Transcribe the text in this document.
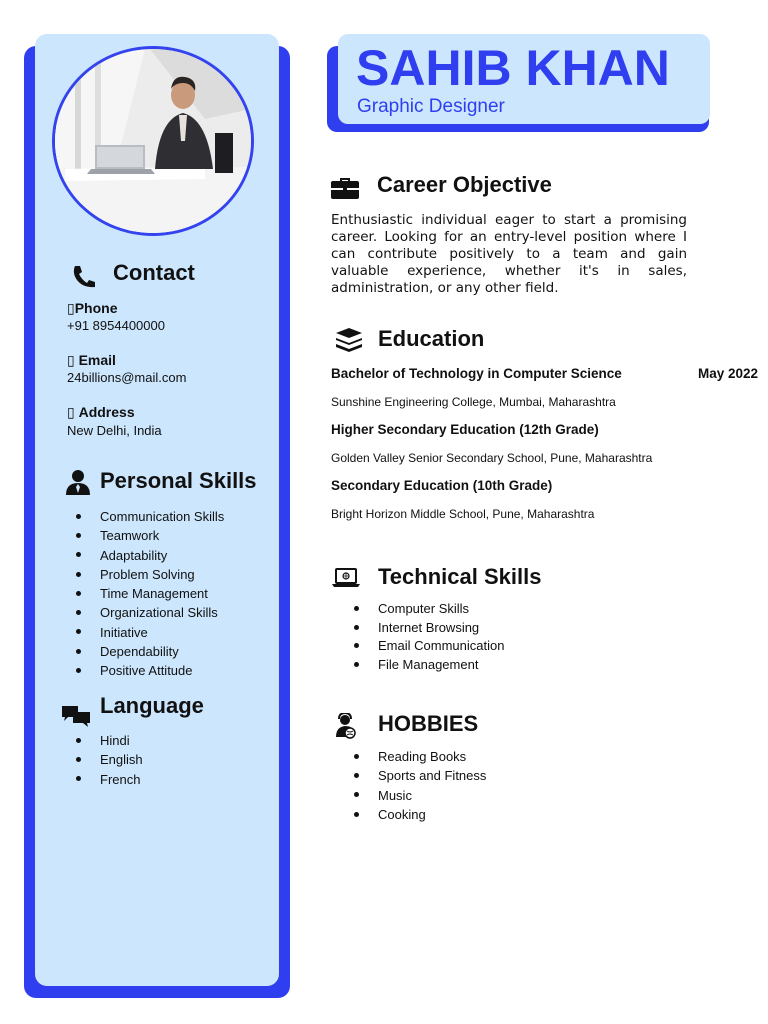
Contact
▯Phone
+91 8954400000
▯ Email
24billions@mail.com
▯ Address
New Delhi, India
Personal Skills
Communication Skills
Teamwork
Adaptability
Problem Solving
Time Management
Organizational Skills
Initiative
Dependability
Positive Attitude
Language
Hindi
English
French
SAHIB KHAN
Graphic Designer
Career Objective
Enthusiastic individual eager to start a promising career. Looking for an entry-level position where I can contribute positively to a team and gain valuable experience, whether it's in sales, administration, or any other field.
Education
Bachelor of Technology in Computer Science	May 2022
Sunshine Engineering College, Mumbai, Maharashtra
Higher Secondary Education (12th Grade)
Golden Valley Senior Secondary School, Pune, Maharashtra
Secondary Education (10th Grade)
Bright Horizon Middle School, Pune, Maharashtra
Technical Skills
Computer Skills
Internet Browsing
Email Communication
File Management
HOBBIES
Reading Books
Sports and Fitness
Music
Cooking
